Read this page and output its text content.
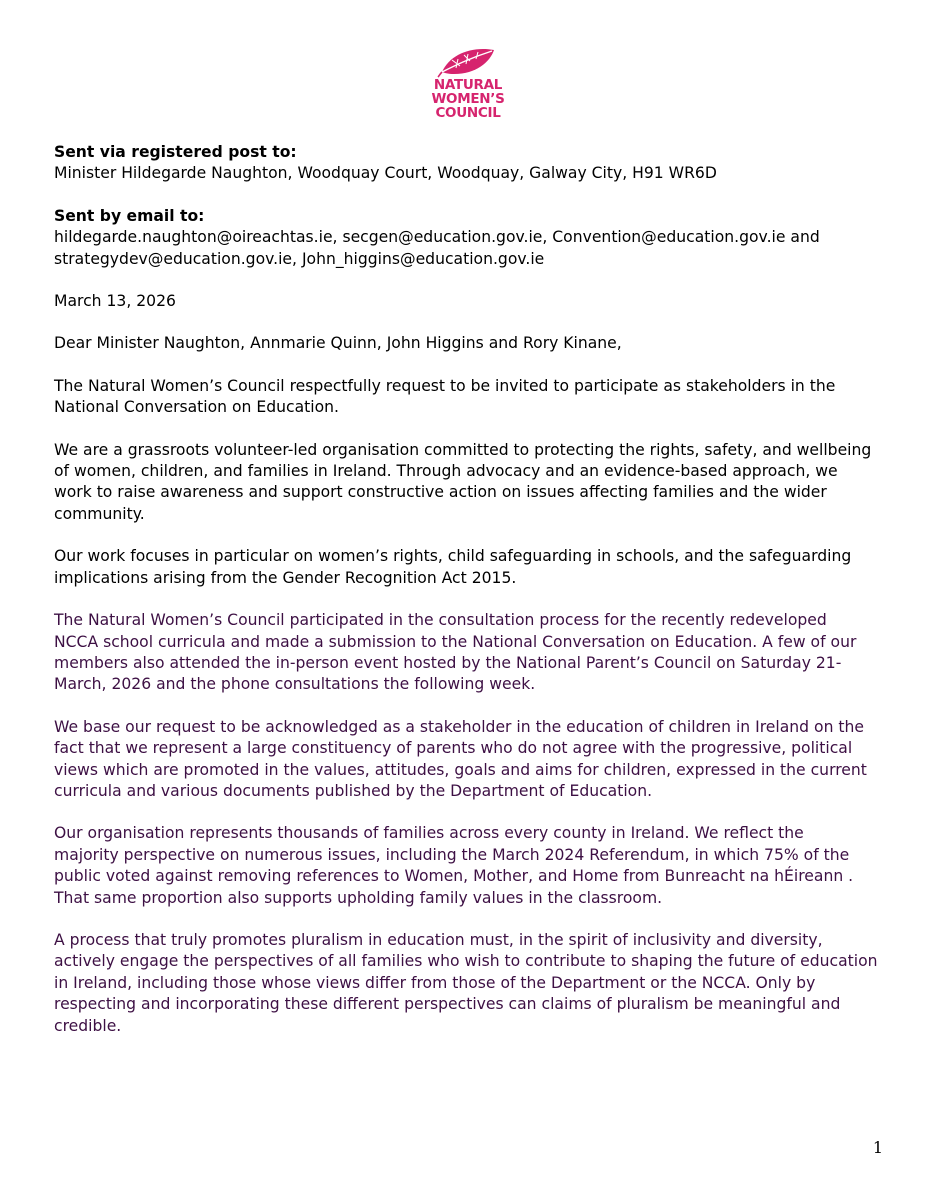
NATURAL
WOMEN’S
COUNCIL

Sent via registered post to:

Minister Hildegarde Naughton, Woodquay Court, Woodquay, Galway City, H91 WR6D

Sent by email to:

hildegarde.naughton@oireachtas.ie, secgen@education.gov.ie, Convention@education.gov.ie and

strategydev@education.gov.ie, John_higgins@education.gov.ie

March 13, 2026

Dear Minister Naughton, Annmarie Quinn, John Higgins and Rory Kinane,

The Natural Women’s Council respectfully request to be invited to participate as stakeholders in the

National Conversation on Education.

We are a grassroots volunteer-led organisation committed to protecting the rights, safety, and wellbeing

of women, children, and families in Ireland. Through advocacy and an evidence-based approach, we

work to raise awareness and support constructive action on issues affecting families and the wider

community.

Our work focuses in particular on women’s rights, child safeguarding in schools, and the safeguarding

implications arising from the Gender Recognition Act 2015.

The Natural Women’s Council participated in the consultation process for the recently redeveloped

NCCA school curricula and made a submission to the National Conversation on Education. A few of our

members also attended the in-person event hosted by the National Parent’s Council on Saturday 21-

March, 2026 and the phone consultations the following week.

We base our request to be acknowledged as a stakeholder in the education of children in Ireland on the

fact that we represent a large constituency of parents who do not agree with the progressive, political

views which are promoted in the values, attitudes, goals and aims for children, expressed in the current

curricula and various documents published by the Department of Education.

Our organisation represents thousands of families across every county in Ireland. We reflect the

majority perspective on numerous issues, including the March 2024 Referendum, in which 75% of the

public voted against removing references to Women, Mother, and Home from Bunreacht na hÉireann .

That same proportion also supports upholding family values in the classroom.

A process that truly promotes pluralism in education must, in the spirit of inclusivity and diversity,

actively engage the perspectives of all families who wish to contribute to shaping the future of education

in Ireland, including those whose views differ from those of the Department or the NCCA. Only by

respecting and incorporating these different perspectives can claims of pluralism be meaningful and

credible.

1
